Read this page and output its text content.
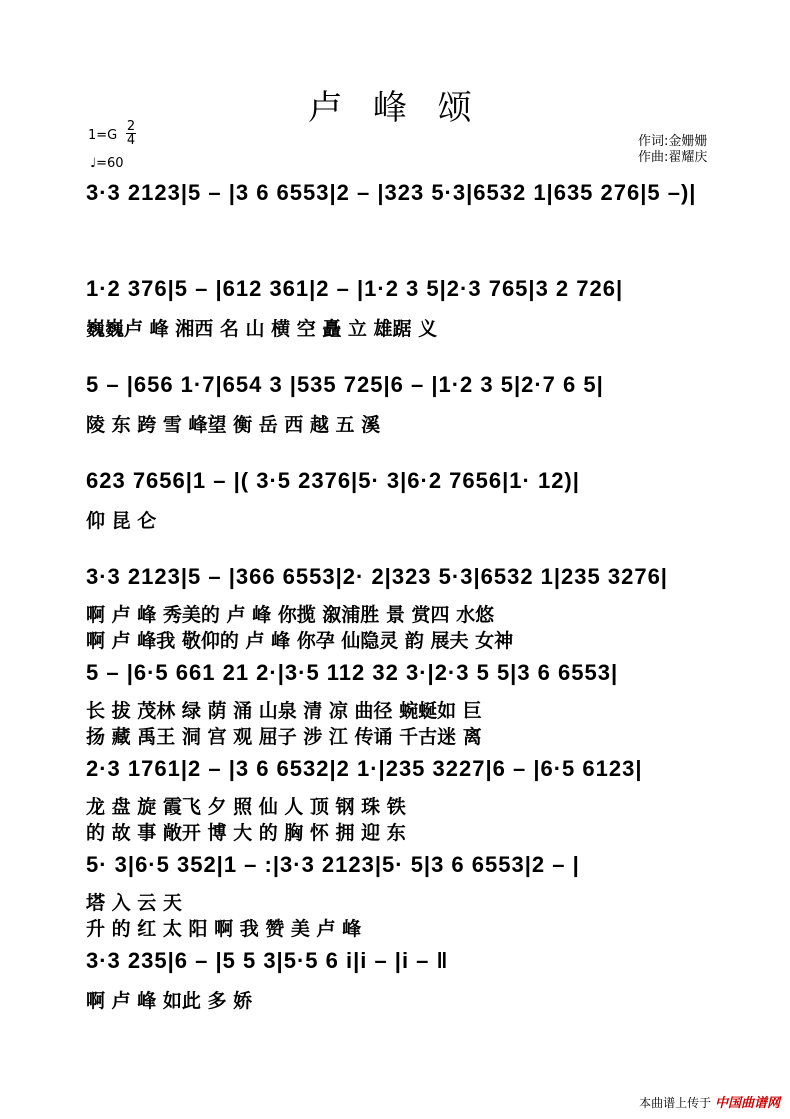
卢 峰 颂
1=G
2
4
♩=60
作词:金姗姗
作曲:翟耀庆
3·3 2123|5 – |3 6 6553|2 – |323 5·3|6532 1|635 276|5 –)|
1·2 376|5 – |612 361|2 – |1·2 3 5|2·3 765|3 2 726|
巍巍卢 峰 湘西 名 山 横 空 矗 立 雄踞 义
5 – |656 1·7|654 3 |535 725|6 – |1·2 3 5|2·7 6 5|
陵 东 跨 雪 峰望 衡 岳 西 越 五 溪
623 7656|1 – |( 3·5 2376|5· 3|6·2 7656|1· 12)|
仰 昆 仑
3·3 2123|5 – |366 6553|2· 2|323 5·3|6532 1|235 3276|
啊 卢 峰 秀美的 卢 峰 你揽 溆浦胜 景 赏四 水悠
啊 卢 峰我 敬仰的 卢 峰 你孕 仙隐灵 韵 展夫 女神
5 – |6·5 661 21 2·|3·5 112 32 3·|2·3 5 5|3 6 6553|
长 拔 茂林 绿 荫 涌 山泉 清 凉 曲径 蜿蜒如 巨
扬 藏 禹王 洞 宫 观 屈子 涉 江 传诵 千古迷 离
2·3 1761|2 – |3 6 6532|2 1·|235 3227|6 – |6·5 6123|
龙 盘 旋 霞飞 夕 照 仙 人 顶 钢 珠 铁
的 故 事 敞开 博 大 的 胸 怀 拥 迎 东
5· 3|6·5 352|1 – :|3·3 2123|5· 5|3 6 6553|2 – |
塔 入 云 天
升 的 红 太 阳 啊 我 赞 美 卢 峰
3·3 235|6 – |5 5 3|5·5 6 i|i – |i – ‖
啊 卢 峰 如此 多 娇
本曲谱上传于 中国曲谱网
